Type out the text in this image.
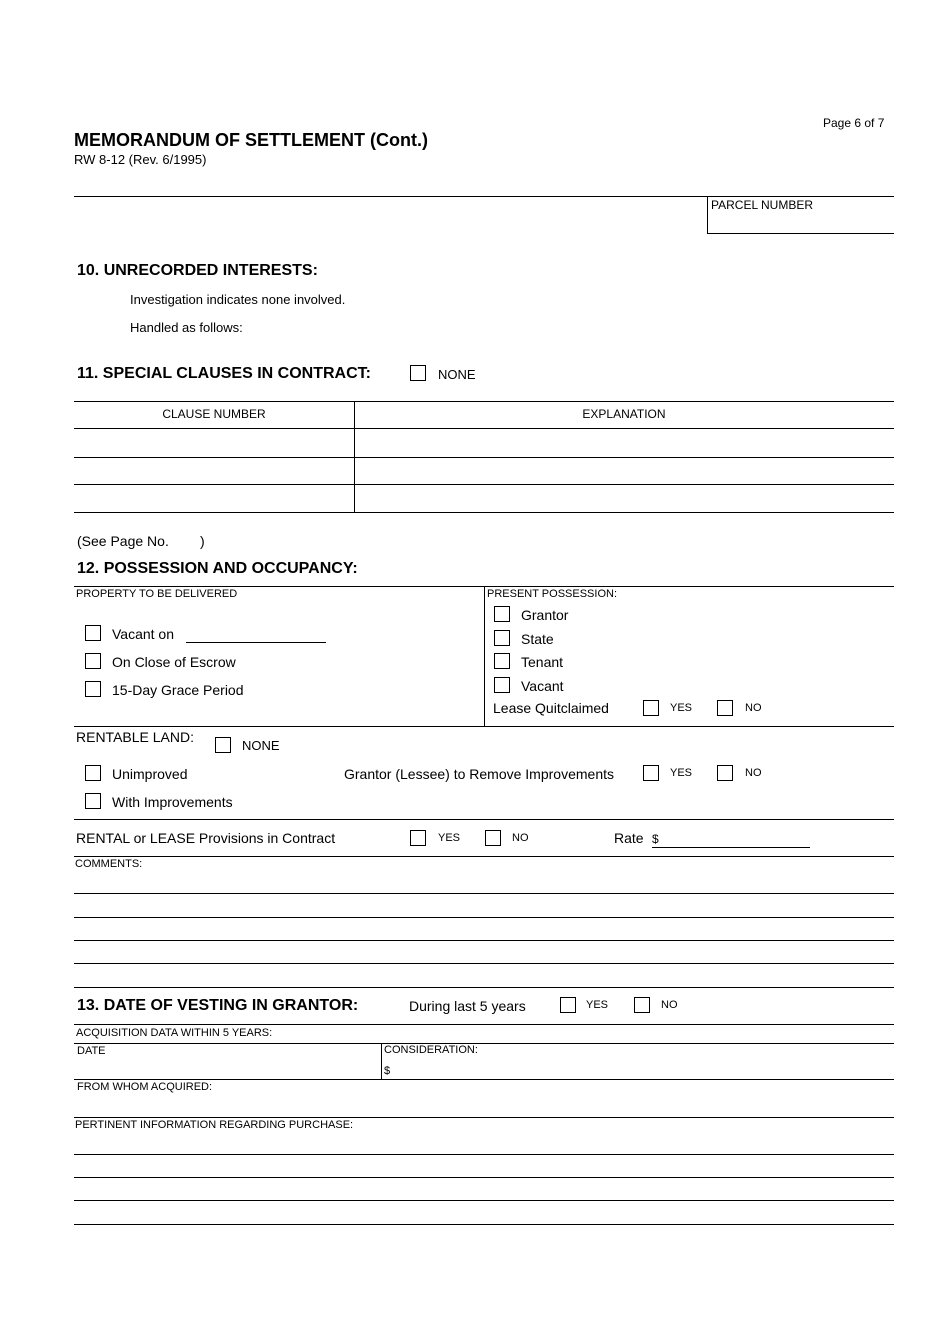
Page 6 of 7
MEMORANDUM OF SETTLEMENT (Cont.)
RW 8-12 (Rev. 6/1995)
PARCEL NUMBER
10. UNRECORDED INTERESTS:
Investigation indicates none involved.
Handled as follows:
11. SPECIAL CLAUSES IN CONTRACT:	NONE
CLAUSE NUMBER	EXPLANATION
(See Page No.        )
12. POSSESSION AND OCCUPANCY:
PROPERTY TO BE DELIVERED
Vacant on
On Close of Escrow
15-Day Grace Period
PRESENT POSSESSION:
Grantor
State
Tenant
Vacant
Lease Quitclaimed	YES	NO
RENTABLE LAND:
NONE
Unimproved
With Improvements
Grantor (Lessee) to Remove Improvements	YES	NO
RENTAL or LEASE Provisions in Contract	YES	NO	Rate $
COMMENTS:
13. DATE OF VESTING IN GRANTOR:	During last 5 years	YES	NO
ACQUISITION DATA WITHIN 5 YEARS:
DATE	CONSIDERATION:
$
FROM WHOM ACQUIRED:
PERTINENT INFORMATION REGARDING PURCHASE:
